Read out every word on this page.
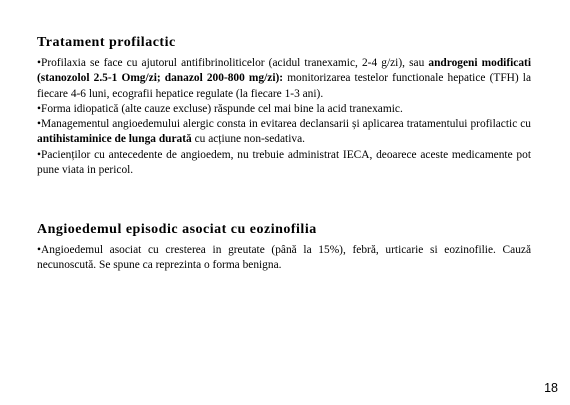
Tratament profilactic

•Profilaxia se face cu ajutorul antifibrinoliticelor (acidul tranexamic, 2-4 g/zi), sau androgeni modificati (stanozolol 2.5-1 Omg/zi; danazol 200-800 mg/zi): monitorizarea testelor functionale hepatice (TFH) la fiecare 4-6 luni, ecografii hepatice regulate (la fiecare 1-3 ani).

•Forma idiopatică (alte cauze excluse) răspunde cel mai bine la acid tranexamic.

•Managementul angioedemului alergic consta in evitarea declansarii și aplicarea tratamentului profilactic cu antihistaminice de lunga durată cu acțiune non-sedativa.

•Pacienților cu antecedente de angioedem, nu trebuie administrat IECA, deoarece aceste medicamente pot pune viata in pericol.

Angioedemul episodic asociat cu eozinofilia

•Angioedemul asociat cu cresterea in greutate (până la 15%), febră, urticarie si eozinofilie. Cauză necunoscută. Se spune ca reprezinta o forma benigna.

18
